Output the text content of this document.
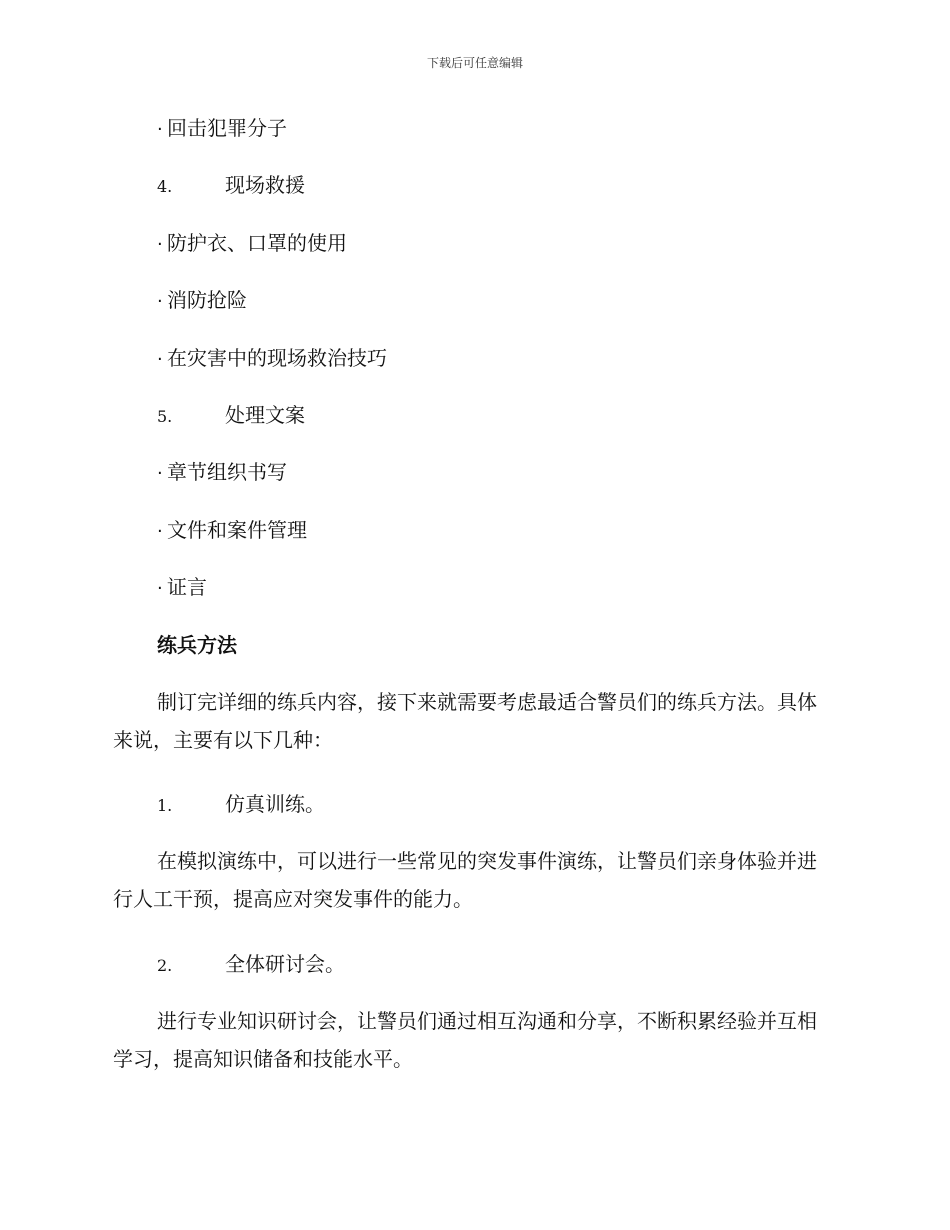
下载后可任意编辑
· 回击犯罪分子
4.	现场救援
· 防护衣、口罩的使用
· 消防抢险
· 在灾害中的现场救治技巧
5.	处理文案
· 章节组织书写
· 文件和案件管理
· 证言
练兵方法

制订完详细的练兵内容，接下来就需要考虑最适合警员们的练兵方法。具体来说，主要有以下几种：

1.	仿真训练。

在模拟演练中，可以进行一些常见的突发事件演练，让警员们亲身体验并进行人工干预，提高应对突发事件的能力。

2.	全体研讨会。

进行专业知识研讨会，让警员们通过相互沟通和分享，不断积累经验并互相学习，提高知识储备和技能水平。
